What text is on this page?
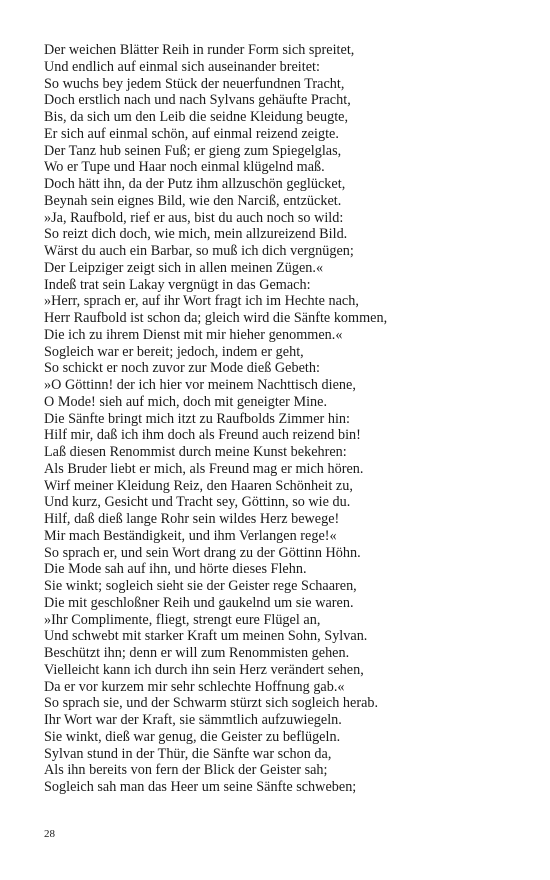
Der weichen Blätter Reih in runder Form sich spreitet,
Und endlich auf einmal sich auseinander breitet:
So wuchs bey jedem Stück der neuerfundnen Tracht,
Doch erstlich nach und nach Sylvans gehäufte Pracht,
Bis, da sich um den Leib die seidne Kleidung beugte,
Er sich auf einmal schön, auf einmal reizend zeigte.
Der Tanz hub seinen Fuß; er gieng zum Spiegelglas,
Wo er Tupe und Haar noch einmal klügelnd maß.
Doch hätt ihn, da der Putz ihm allzuschön geglücket,
Beynah sein eignes Bild, wie den Narciß, entzücket.
»Ja, Raufbold, rief er aus, bist du auch noch so wild:
So reizt dich doch, wie mich, mein allzureizend Bild.
Wärst du auch ein Barbar, so muß ich dich vergnügen;
Der Leipziger zeigt sich in allen meinen Zügen.«
Indeß trat sein Lakay vergnügt in das Gemach:
»Herr, sprach er, auf ihr Wort fragt ich im Hechte nach,
Herr Raufbold ist schon da; gleich wird die Sänfte kommen,
Die ich zu ihrem Dienst mit mir hieher genommen.«
Sogleich war er bereit; jedoch, indem er geht,
So schickt er noch zuvor zur Mode dieß Gebeth:
»O Göttinn! der ich hier vor meinem Nachttisch diene,
O Mode! sieh auf mich, doch mit geneigter Mine.
Die Sänfte bringt mich itzt zu Raufbolds Zimmer hin:
Hilf mir, daß ich ihm doch als Freund auch reizend bin!
Laß diesen Renommist durch meine Kunst bekehren:
Als Bruder liebt er mich, als Freund mag er mich hören.
Wirf meiner Kleidung Reiz, den Haaren Schönheit zu,
Und kurz, Gesicht und Tracht sey, Göttinn, so wie du.
Hilf, daß dieß lange Rohr sein wildes Herz bewege!
Mir mach Beständigkeit, und ihm Verlangen rege!«
So sprach er, und sein Wort drang zu der Göttinn Höhn.
Die Mode sah auf ihn, und hörte dieses Flehn.
Sie winkt; sogleich sieht sie der Geister rege Schaaren,
Die mit geschloßner Reih und gaukelnd um sie waren.
»Ihr Complimente, fliegt, strengt eure Flügel an,
Und schwebt mit starker Kraft um meinen Sohn, Sylvan.
Beschützt ihn; denn er will zum Renommisten gehen.
Vielleicht kann ich durch ihn sein Herz verändert sehen,
Da er vor kurzem mir sehr schlechte Hoffnung gab.«
So sprach sie, und der Schwarm stürzt sich sogleich herab.
Ihr Wort war der Kraft, sie sämmtlich aufzuwiegeln.
Sie winkt, dieß war genug, die Geister zu beflügeln.
Sylvan stund in der Thür, die Sänfte war schon da,
Als ihn bereits von fern der Blick der Geister sah;
Sogleich sah man das Heer um seine Sänfte schweben;
28
